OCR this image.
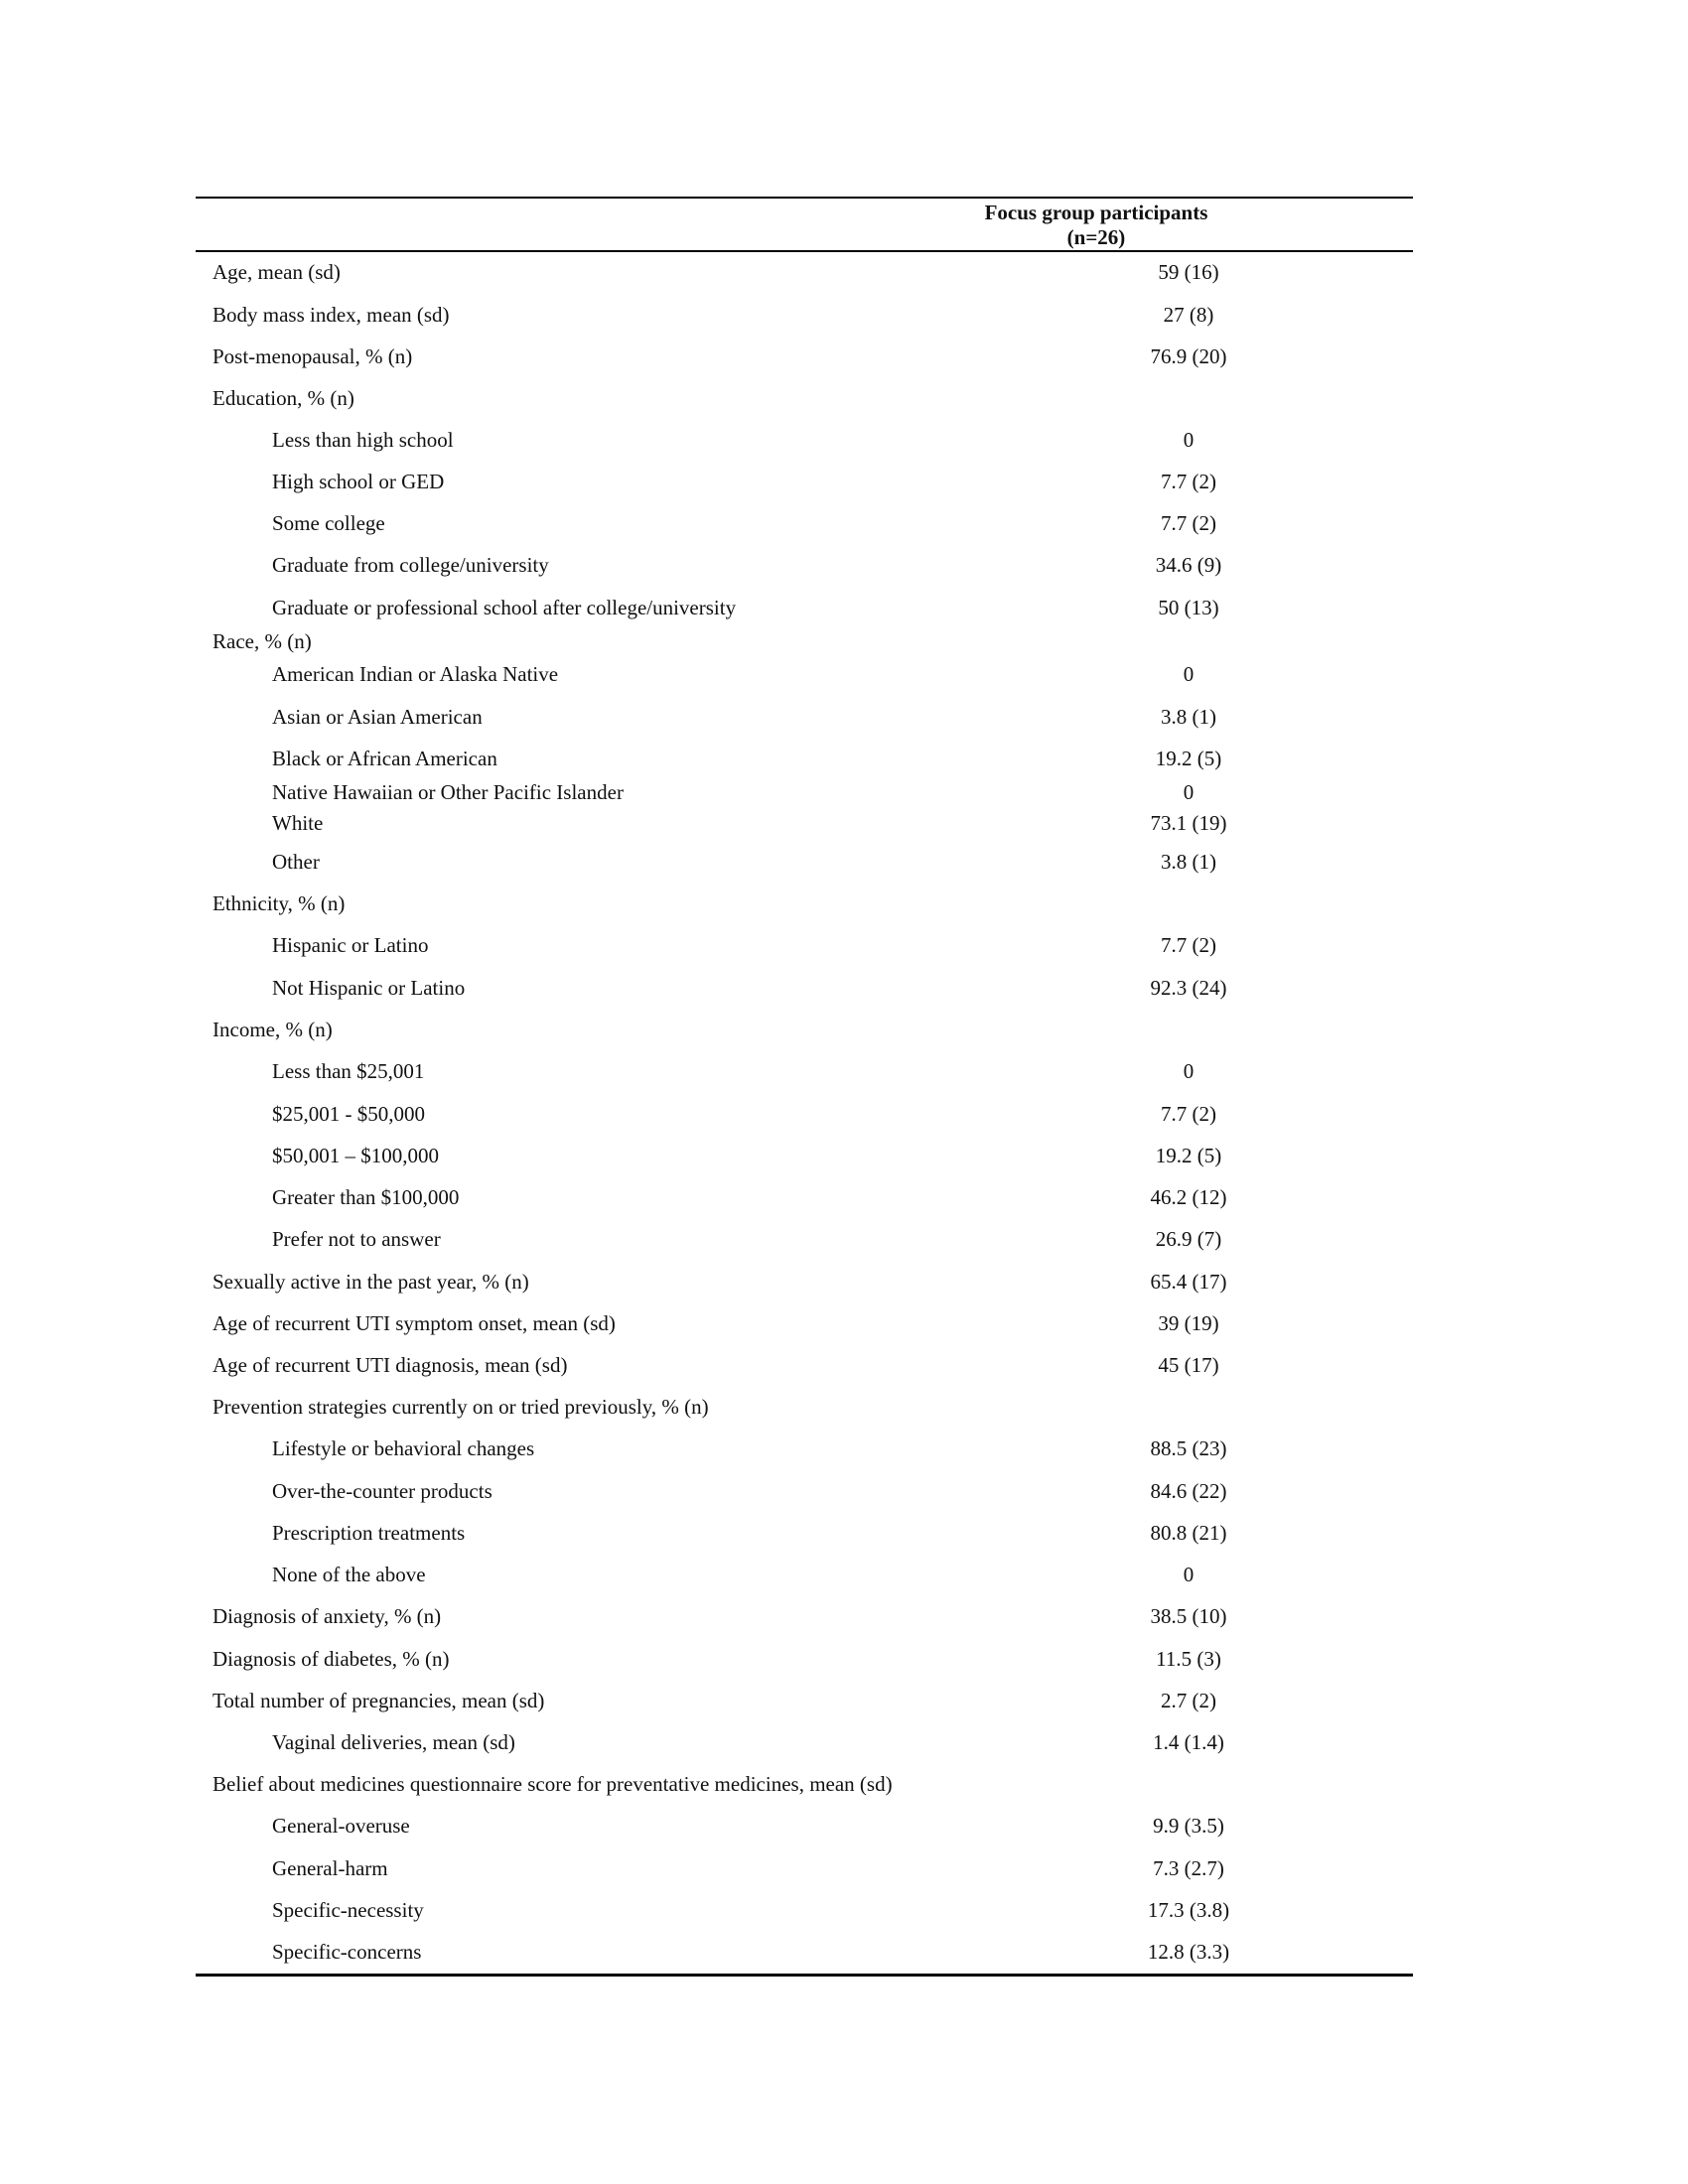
Focus group participants
(n=26)
Age, mean (sd)	59 (16)
Body mass index, mean (sd)	27 (8)
Post-menopausal, % (n)	76.9 (20)
Education, % (n)
Less than high school	0
High school or GED	7.7 (2)
Some college	7.7 (2)
Graduate from college/university	34.6 (9)
Graduate or professional school after college/university	50 (13)
Race, % (n)
American Indian or Alaska Native	0
Asian or Asian American	3.8 (1)
Black or African American	19.2 (5)
Native Hawaiian or Other Pacific Islander	0
White	73.1 (19)
Other	3.8 (1)
Ethnicity, % (n)
Hispanic or Latino	7.7 (2)
Not Hispanic or Latino	92.3 (24)
Income, % (n)
Less than $25,001	0
$25,001 - $50,000	7.7 (2)
$50,001 – $100,000	19.2 (5)
Greater than $100,000	46.2 (12)
Prefer not to answer	26.9 (7)
Sexually active in the past year, % (n)	65.4 (17)
Age of recurrent UTI symptom onset, mean (sd)	39 (19)
Age of recurrent UTI diagnosis, mean (sd)	45 (17)
Prevention strategies currently on or tried previously, % (n)
Lifestyle or behavioral changes	88.5 (23)
Over-the-counter products	84.6 (22)
Prescription treatments	80.8 (21)
None of the above	0
Diagnosis of anxiety, % (n)	38.5 (10)
Diagnosis of diabetes, % (n)	11.5 (3)
Total number of pregnancies, mean (sd)	2.7 (2)
Vaginal deliveries, mean (sd)	1.4 (1.4)
Belief about medicines questionnaire score for preventative medicines, mean (sd)
General-overuse	9.9 (3.5)
General-harm	7.3 (2.7)
Specific-necessity	17.3 (3.8)
Specific-concerns	12.8 (3.3)
